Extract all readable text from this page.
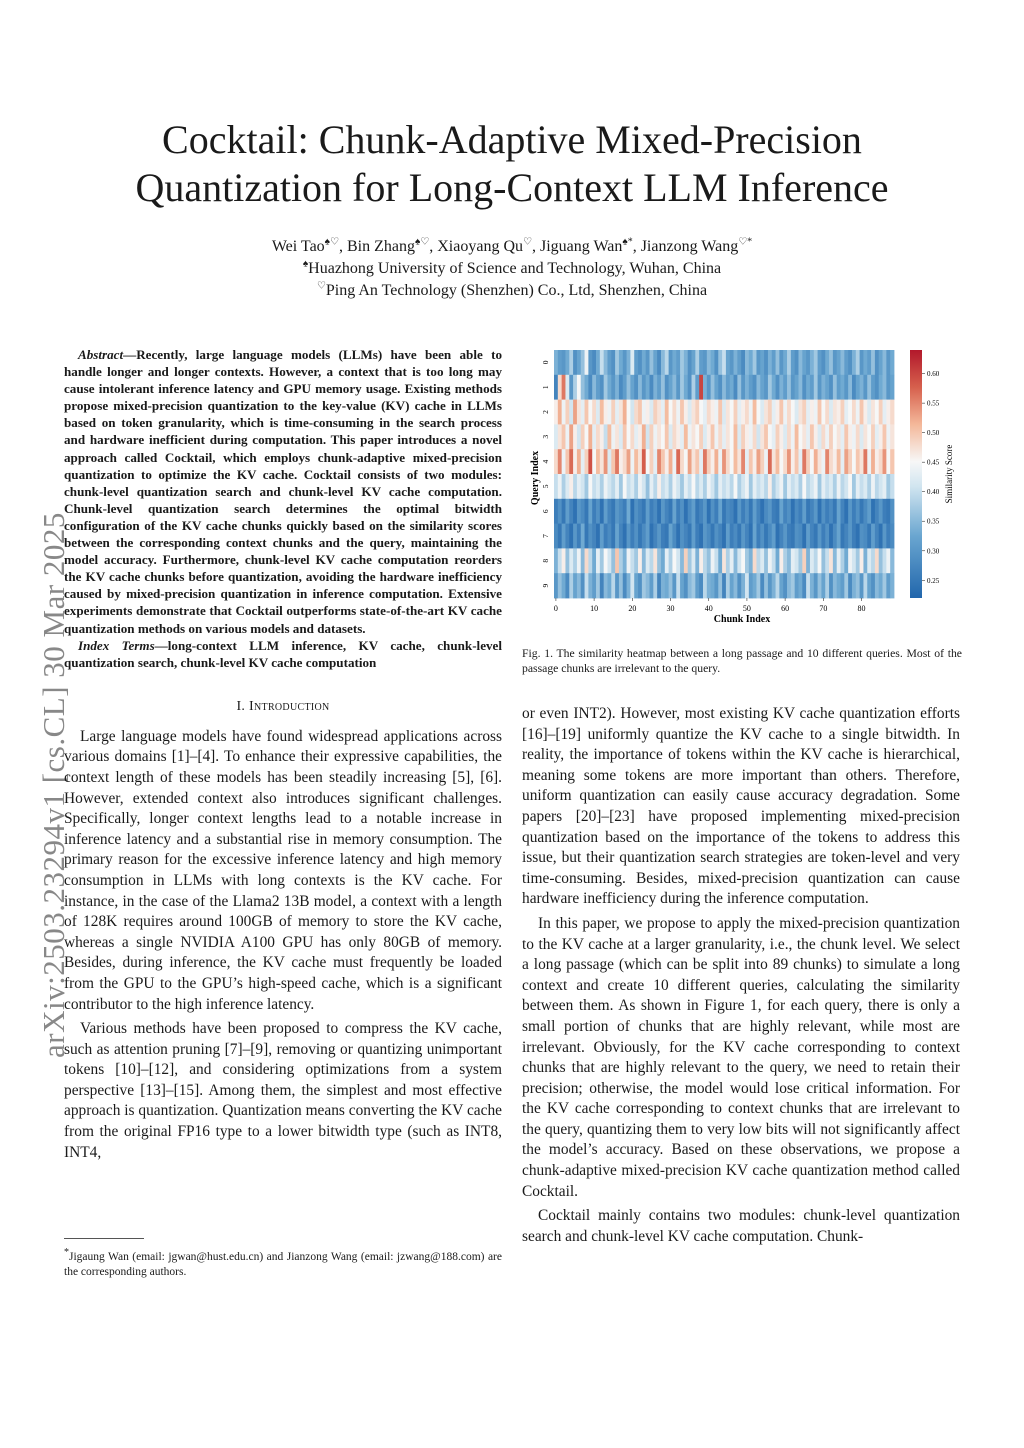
Cocktail: Chunk-Adaptive Mixed-Precision
Quantization for Long-Context LLM Inference
Wei Tao♠♡, Bin Zhang♠♡, Xiaoyang Qu♡, Jiguang Wan♠*, Jianzong Wang♡*
♠Huazhong University of Science and Technology, Wuhan, China
♡Ping An Technology (Shenzhen) Co., Ltd, Shenzhen, China
arXiv:2503.23294v1 [cs.CL] 30 Mar 2025

Abstract—Recently, large language models (LLMs) have been able to handle longer and longer contexts. However, a context that is too long may cause intolerant inference latency and GPU memory usage. Existing methods propose mixed-precision quantization to the key-value (KV) cache in LLMs based on token granularity, which is time-consuming in the search process and hardware inefficient during computation. This paper introduces a novel approach called Cocktail, which employs chunk-adaptive mixed-precision quantization to optimize the KV cache. Cocktail consists of two modules: chunk-level quantization search and chunk-level KV cache computation. Chunk-level quantization search determines the optimal bitwidth configuration of the KV cache chunks quickly based on the similarity scores between the corresponding context chunks and the query, maintaining the model accuracy. Furthermore, chunk-level KV cache computation reorders the KV cache chunks before quantization, avoiding the hardware inefficiency caused by mixed-precision quantization in inference computation. Extensive experiments demonstrate that Cocktail outperforms state-of-the-art KV cache quantization methods on various models and datasets.

Index Terms—long-context LLM inference, KV cache, chunk-level quantization search, chunk-level KV cache computation

I. Introduction

Large language models have found widespread applications across various domains [1]–[4]. To enhance their expressive capabilities, the context length of these models has been steadily increasing [5], [6]. However, extended context also introduces significant challenges. Specifically, longer context lengths lead to a notable increase in inference latency and a substantial rise in memory consumption. The primary reason for the excessive inference latency and high memory consumption in LLMs with long contexts is the KV cache. For instance, in the case of the Llama2 13B model, a context with a length of 128K requires around 100GB of memory to store the KV cache, whereas a single NVIDIA A100 GPU has only 80GB of memory. Besides, during inference, the KV cache must frequently be loaded from the GPU to the GPU’s high-speed cache, which is a significant contributor to the high inference latency.

Various methods have been proposed to compress the KV cache, such as attention pruning [7]–[9], removing or quantizing unimportant tokens [10]–[12], and considering optimizations from a system perspective [13]–[15]. Among them, the simplest and most effective approach is quantization. Quantization means converting the KV cache from the original FP16 type to a lower bitwidth type (such as INT8, INT4,

*Jigaung Wan (email: jgwan@hust.edu.cn) and Jianzong Wang (email: jzwang@188.com) are the corresponding authors.
0	10	20	30	40	50	60	70	80
0
1
2
3
4
5
6
7
8
9
Chunk Index
Query Index
0.25
0.30
0.35
0.40
0.45
0.50
0.55
0.60
Similarity Score
Fig. 1. The similarity heatmap between a long passage and 10 different queries. Most of the passage chunks are irrelevant to the query.

or even INT2). However, most existing KV cache quantization efforts [16]–[19] uniformly quantize the KV cache to a single bitwidth. In reality, the importance of tokens within the KV cache is hierarchical, meaning some tokens are more important than others. Therefore, uniform quantization can easily cause accuracy degradation. Some papers [20]–[23] have proposed implementing mixed-precision quantization based on the importance of the tokens to address this issue, but their quantization search strategies are token-level and very time-consuming. Besides, mixed-precision quantization can cause hardware inefficiency during the inference computation.

In this paper, we propose to apply the mixed-precision quantization to the KV cache at a larger granularity, i.e., the chunk level. We select a long passage (which can be split into 89 chunks) to simulate a long context and create 10 different queries, calculating the similarity between them. As shown in Figure 1, for each query, there is only a small portion of chunks that are highly relevant, while most are irrelevant. Obviously, for the KV cache corresponding to context chunks that are highly relevant to the query, we need to retain their precision; otherwise, the model would lose critical information. For the KV cache corresponding to context chunks that are irrelevant to the query, quantizing them to very low bits will not significantly affect the model’s accuracy. Based on these observations, we propose a chunk-adaptive mixed-precision KV cache quantization method called Cocktail.

Cocktail mainly contains two modules: chunk-level quantization search and chunk-level KV cache computation. Chunk-
